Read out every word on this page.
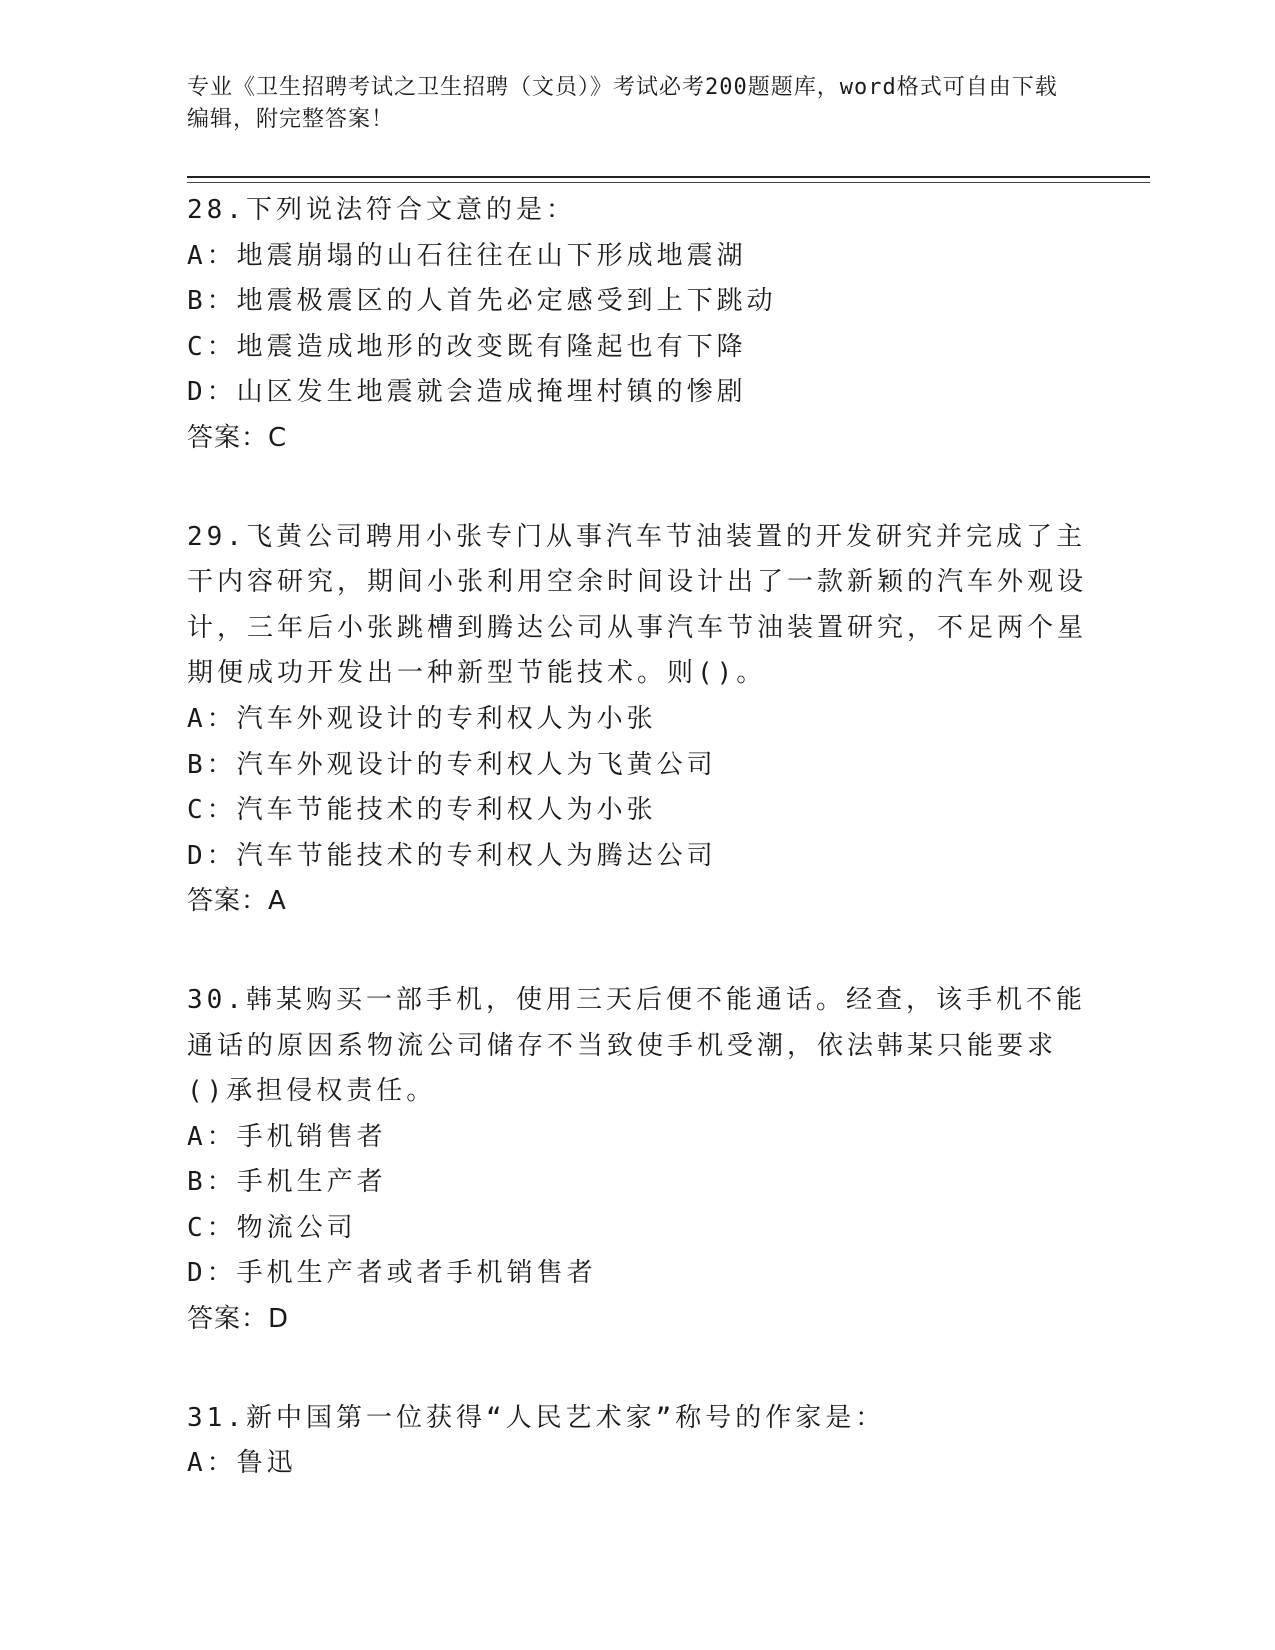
专业《卫生招聘考试之卫生招聘（文员）》考试必考200题题库，word格式可自由下载编辑，附完整答案！

28.下列说法符合文意的是：

A：地震崩塌的山石往往在山下形成地震湖

B：地震极震区的人首先必定感受到上下跳动

C：地震造成地形的改变既有隆起也有下降

D：山区发生地震就会造成掩埋村镇的惨剧

答案：C

29.飞黄公司聘用小张专门从事汽车节油装置的开发研究并完成了主干内容研究，期间小张利用空余时间设计出了一款新颖的汽车外观设计，三年后小张跳槽到腾达公司从事汽车节油装置研究，不足两个星期便成功开发出一种新型节能技术。则()。

A：汽车外观设计的专利权人为小张

B：汽车外观设计的专利权人为飞黄公司

C：汽车节能技术的专利权人为小张

D：汽车节能技术的专利权人为腾达公司

答案：A

30.韩某购买一部手机，使用三天后便不能通话。经查，该手机不能通话的原因系物流公司储存不当致使手机受潮，依法韩某只能要求()承担侵权责任。

A：手机销售者

B：手机生产者

C：物流公司

D：手机生产者或者手机销售者

答案：D

31.新中国第一位获得“人民艺术家”称号的作家是：

A：鲁迅
